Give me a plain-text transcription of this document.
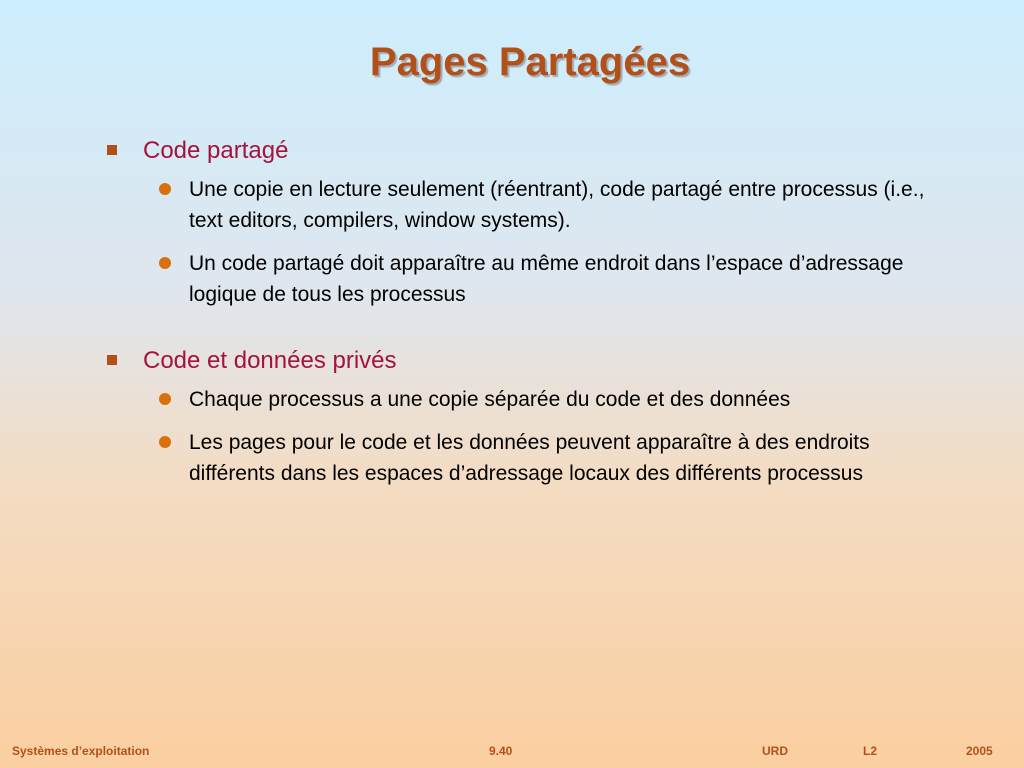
Pages Partagées
Code partagé
Une copie en lecture seulement (réentrant), code partagé entre processus (i.e., text editors, compilers, window systems).
Un code partagé doit apparaître au même endroit dans l’espace d’adressage logique de tous les processus
Code et données privés
Chaque processus a une copie séparée du code et des données
Les pages pour le code et les données peuvent apparaître à des endroits différents dans les espaces d’adressage locaux des différents processus
Systèmes d’exploitation	9.40	URD	L2	2005
